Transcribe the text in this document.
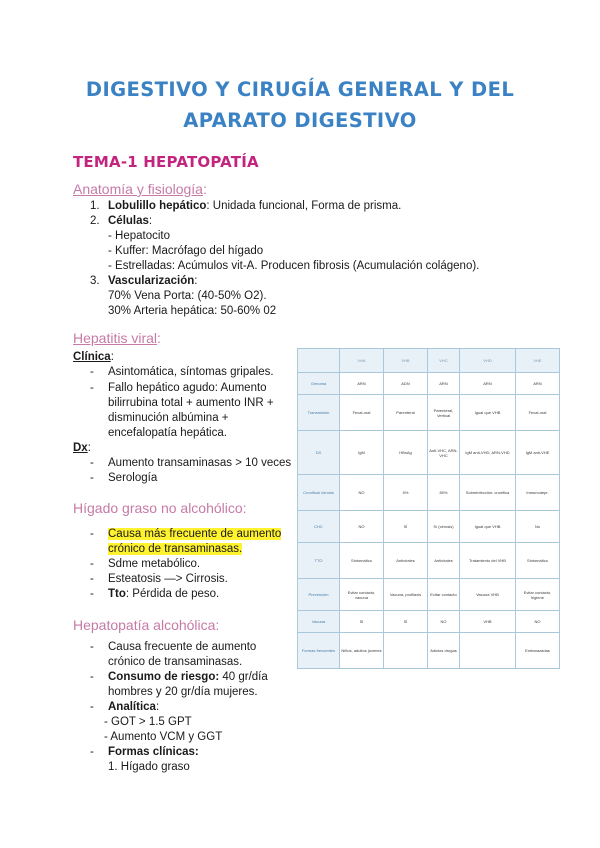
DIGESTIVO Y CIRUGÍA GENERAL Y DEL
APARATO DIGESTIVO
TEMA-1 HEPATOPATÍA
Anatomía y fisiología:
1. Lobulillo hepático: Unidada funcional, Forma de prisma.
2. Células:
- Hepatocito
- Kuffer: Macrófago del hígado
- Estrelladas: Acúmulos vit-A. Producen fibrosis (Acumulación colágeno).
3. Vascularización:
70% Vena Porta: (40-50% O2).
30% Arteria hepática: 50-60% 02
Hepatitis viral:
Clínica:
- Asintomática, síntomas gripales.
- Fallo hepático agudo: Aumento
bilirrubina total + aumento INR +
disminución albúmina +
encefalopatía hepática.
Dx:
- Aumento transaminasas > 10 veces
- Serología
Hígado graso no alcohólico:
- Causa más frecuente de aumento
crónico de transaminasas.
- Sdme metabólico.
- Esteatosis —> Cirrosis.
- Tto: Pérdida de peso.
Hepatopatía alcohólica:
- Causa frecuente de aumento
crónico de transaminasas.
- Consumo de riesgo: 40 gr/día
hombres y 20 gr/día mujeres.
- Analítica:
- GOT > 1.5 GPT
- Aumento VCM y GGT
- Formas clínicas:
1. Hígado graso
	VHA	VHB	VHC	VHD	VHE
Genoma	ARN	ADN	ARN	ARN	ARN
Transmisión	Fecal-oral	Parenteral	Parenteral, Vertical	Igual que VHB	Fecal-oral
DX	IgM	HBsAg	Anti-VHC, ARN-VHC	IgM anti-VHD, ARN-VHD	IgM anti-VHE
Cronifica/ cirrosis	NO	5%	80%	Sobreinfección: cronifica	Inmunodepr.
CHC	NO	SÍ	Sí (cirrosis)	Igual que VHB	No
TTO	Sintomático	Antivirales	Antivirales	Tratamiento del VHB	Sintomático
Prevención	Evitar contacto, vacuna	Vacuna, profilaxis	Evitar contacto	Vacuna VHB	Evitar contacto, higiene
Vacuna	SI	SÍ	NO	VHB	NO
Formas frecuentes	Niños, adultos jóvenes		Adictos drogas		Embarazadas
